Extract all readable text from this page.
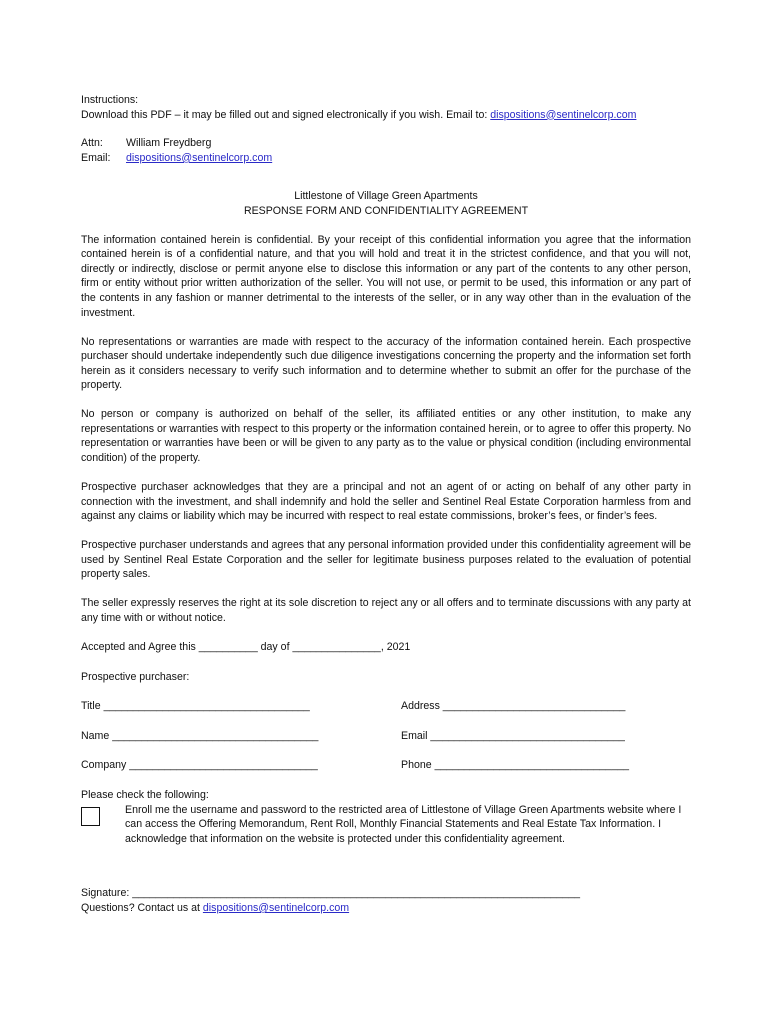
Instructions:
Download this PDF – it may be filled out and signed electronically if you wish. Email to: dispositions@sentinelcorp.com
Attn:	William Freydberg
Email:	dispositions@sentinelcorp.com
Littlestone of Village Green Apartments
RESPONSE FORM AND CONFIDENTIALITY AGREEMENT

The information contained herein is confidential. By your receipt of this confidential information you agree that the information contained herein is of a confidential nature, and that you will hold and treat it in the strictest confidence, and that you will not, directly or indirectly, disclose or permit anyone else to disclose this information or any part of the contents to any other person, firm or entity without prior written authorization of the seller. You will not use, or permit to be used, this information or any part of the contents in any fashion or manner detrimental to the interests of the seller, or in any way other than in the evaluation of the investment.

No representations or warranties are made with respect to the accuracy of the information contained herein. Each prospective purchaser should undertake independently such due diligence investigations concerning the property and the information set forth herein as it considers necessary to verify such information and to determine whether to submit an offer for the purchase of the property.

No person or company is authorized on behalf of the seller, its affiliated entities or any other institution, to make any representations or warranties with respect to this property or the information contained herein, or to agree to offer this property. No representation or warranties have been or will be given to any party as to the value or physical condition (including environmental condition) of the property.

Prospective purchaser acknowledges that they are a principal and not an agent of or acting on behalf of any other party in connection with the investment, and shall indemnify and hold the seller and Sentinel Real Estate Corporation harmless from and against any claims or liability which may be incurred with respect to real estate commissions, broker’s fees, or finder’s fees.

Prospective purchaser understands and agrees that any personal information provided under this confidentiality agreement will be used by Sentinel Real Estate Corporation and the seller for legitimate business purposes related to the evaluation of potential property sales.

The seller expressly reserves the right at its sole discretion to reject any or all offers and to terminate discussions with any party at any time with or without notice.

Accepted and Agree this __________ day of _______________, 2021
Prospective purchaser:
Title ___________________________________	Address _______________________________
Name ___________________________________	Email _________________________________
Company ________________________________	Phone _________________________________
Please check the following:
Enroll me the username and password to the restricted area of Littlestone of Village Green Apartments website where I can access the Offering Memorandum, Rent Roll, Monthly Financial Statements and Real Estate Tax Information. I acknowledge that information on the website is protected under this confidentiality agreement.
Signature: ____________________________________________________________________________
Questions? Contact us at dispositions@sentinelcorp.com
